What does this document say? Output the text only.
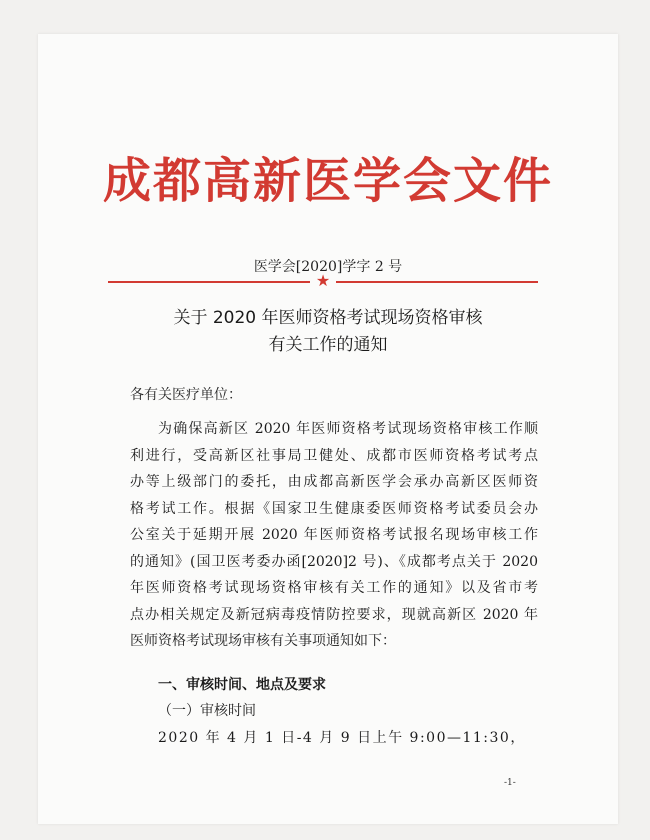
成都高新医学会文件
医学会[2020]学字 2 号
★
关于 2020 年医师资格考试现场资格审核
有关工作的通知
各有关医疗单位：
为确保高新区 2020 年医师资格考试现场资格审核工作顺
利进行，受高新区社事局卫健处、成都市医师资格考试考点
办等上级部门的委托，由成都高新医学会承办高新区医师资
格考试工作。根据《国家卫生健康委医师资格考试委员会办
公室关于延期开展 2020 年医师资格考试报名现场审核工作
的通知》(国卫医考委办函[2020]2 号)、《成都考点关于 2020
年医师资格考试现场资格审核有关工作的通知》以及省市考
点办相关规定及新冠病毒疫情防控要求，现就高新区 2020 年
医师资格考试现场审核有关事项通知如下：
一、审核时间、地点及要求
（一）审核时间
2020 年 4 月 1 日-4 月 9 日上午 9:00—11:30，
-1-
